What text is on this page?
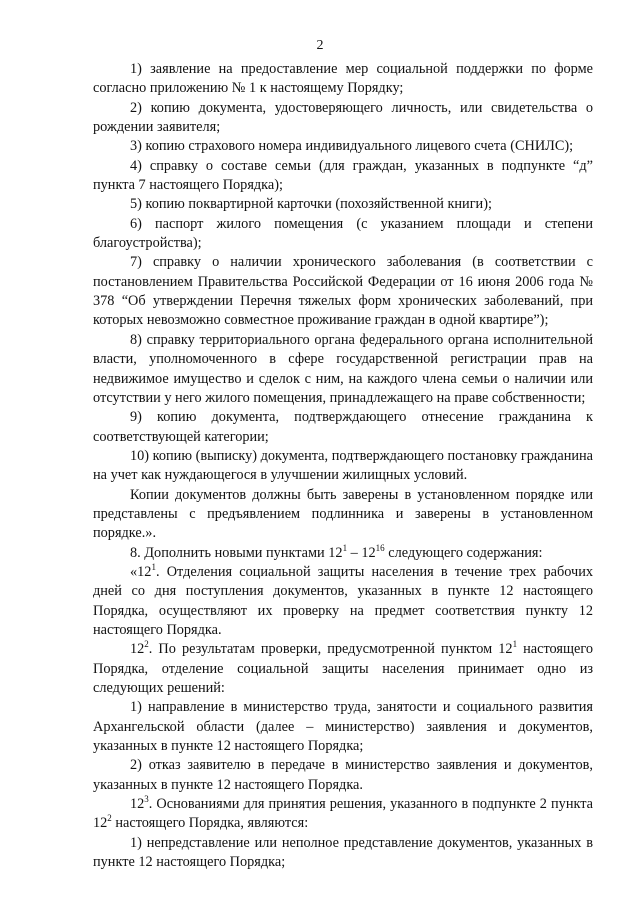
2

1) заявление на предоставление мер социальной поддержки по форме согласно приложению № 1 к настоящему Порядку;

2) копию документа, удостоверяющего личность, или свидетельства о рождении заявителя;

3) копию страхового номера индивидуального лицевого счета (СНИЛС);

4) справку о составе семьи (для граждан, указанных в подпункте “д” пункта 7 настоящего Порядка);

5) копию поквартирной карточки (похозяйственной книги);

6) паспорт жилого помещения (с указанием площади и степени благоустройства);

7) справку о наличии хронического заболевания (в соответствии с постановлением Правительства Российской Федерации от 16 июня 2006 года № 378 “Об утверждении Перечня тяжелых форм хронических заболеваний, при которых невозможно совместное проживание граждан в одной квартире”);

8) справку территориального органа федерального органа исполнительной власти, уполномоченного в сфере государственной регистрации прав на недвижимое имущество и сделок с ним, на каждого члена семьи о наличии или отсутствии у него жилого помещения, принадлежащего на праве собственности;

9) копию документа, подтверждающего отнесение гражданина к соответствующей категории;

10) копию (выписку) документа, подтверждающего постановку гражданина на учет как нуждающегося в улучшении жилищных условий.

Копии документов должны быть заверены в установленном порядке или представлены с предъявлением подлинника и заверены в установленном порядке.».

8. Дополнить новыми пунктами $12^1 - 12^{16}$ следующего содержания:

«$12^1$. Отделения социальной защиты населения в течение трех рабочих дней со дня поступления документов, указанных в пункте 12 настоящего Порядка, осуществляют их проверку на предмет соответствия пункту 12 настоящего Порядка.

$12^2$. По результатам проверки, предусмотренной пунктом $12^1$ настоящего Порядка, отделение социальной защиты населения принимает одно из следующих решений:

1) направление в министерство труда, занятости и социального развития Архангельской области (далее – министерство) заявления и документов, указанных в пункте 12 настоящего Порядка;

2) отказ заявителю в передаче в министерство заявления и документов, указанных в пункте 12 настоящего Порядка.

$12^3$. Основаниями для принятия решения, указанного в подпункте 2 пункта $12^2$ настоящего Порядка, являются:

1) непредставление или неполное представление документов, указанных в пункте 12 настоящего Порядка;
